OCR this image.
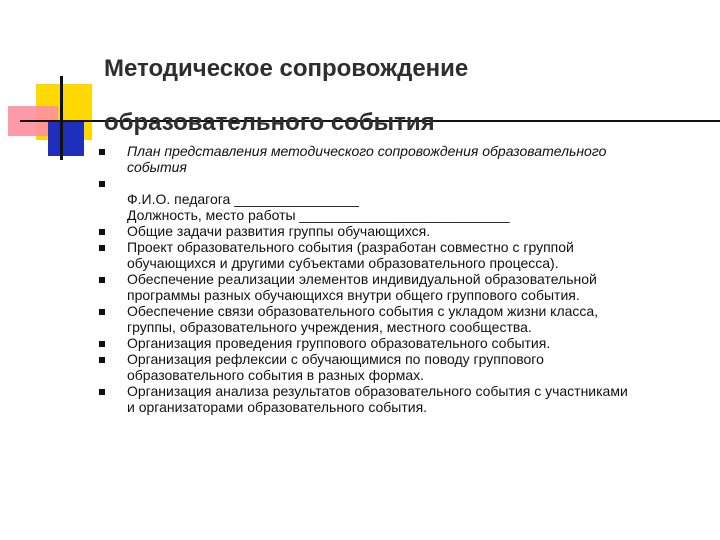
Методическое сопровождение
образовательного события
План представления методического сопровождения образовательного
события

Ф.И.О. педагога ________________
Должность, место работы ___________________________
Общие задачи развития группы обучающихся.
Проект образовательного события (разработан совместно с группой
обучающихся и другими субъектами образовательного процесса).
Обеспечение реализации элементов индивидуальной образовательной
программы разных обучающихся внутри общего группового события.
Обеспечение связи образовательного события с укладом жизни класса,
группы, образовательного учреждения, местного сообщества.
Организация проведения группового образовательного события.
Организация рефлексии с обучающимися по поводу группового
образовательного события в разных формах.
Организация анализа результатов образовательного события с участниками
и организаторами образовательного события.
